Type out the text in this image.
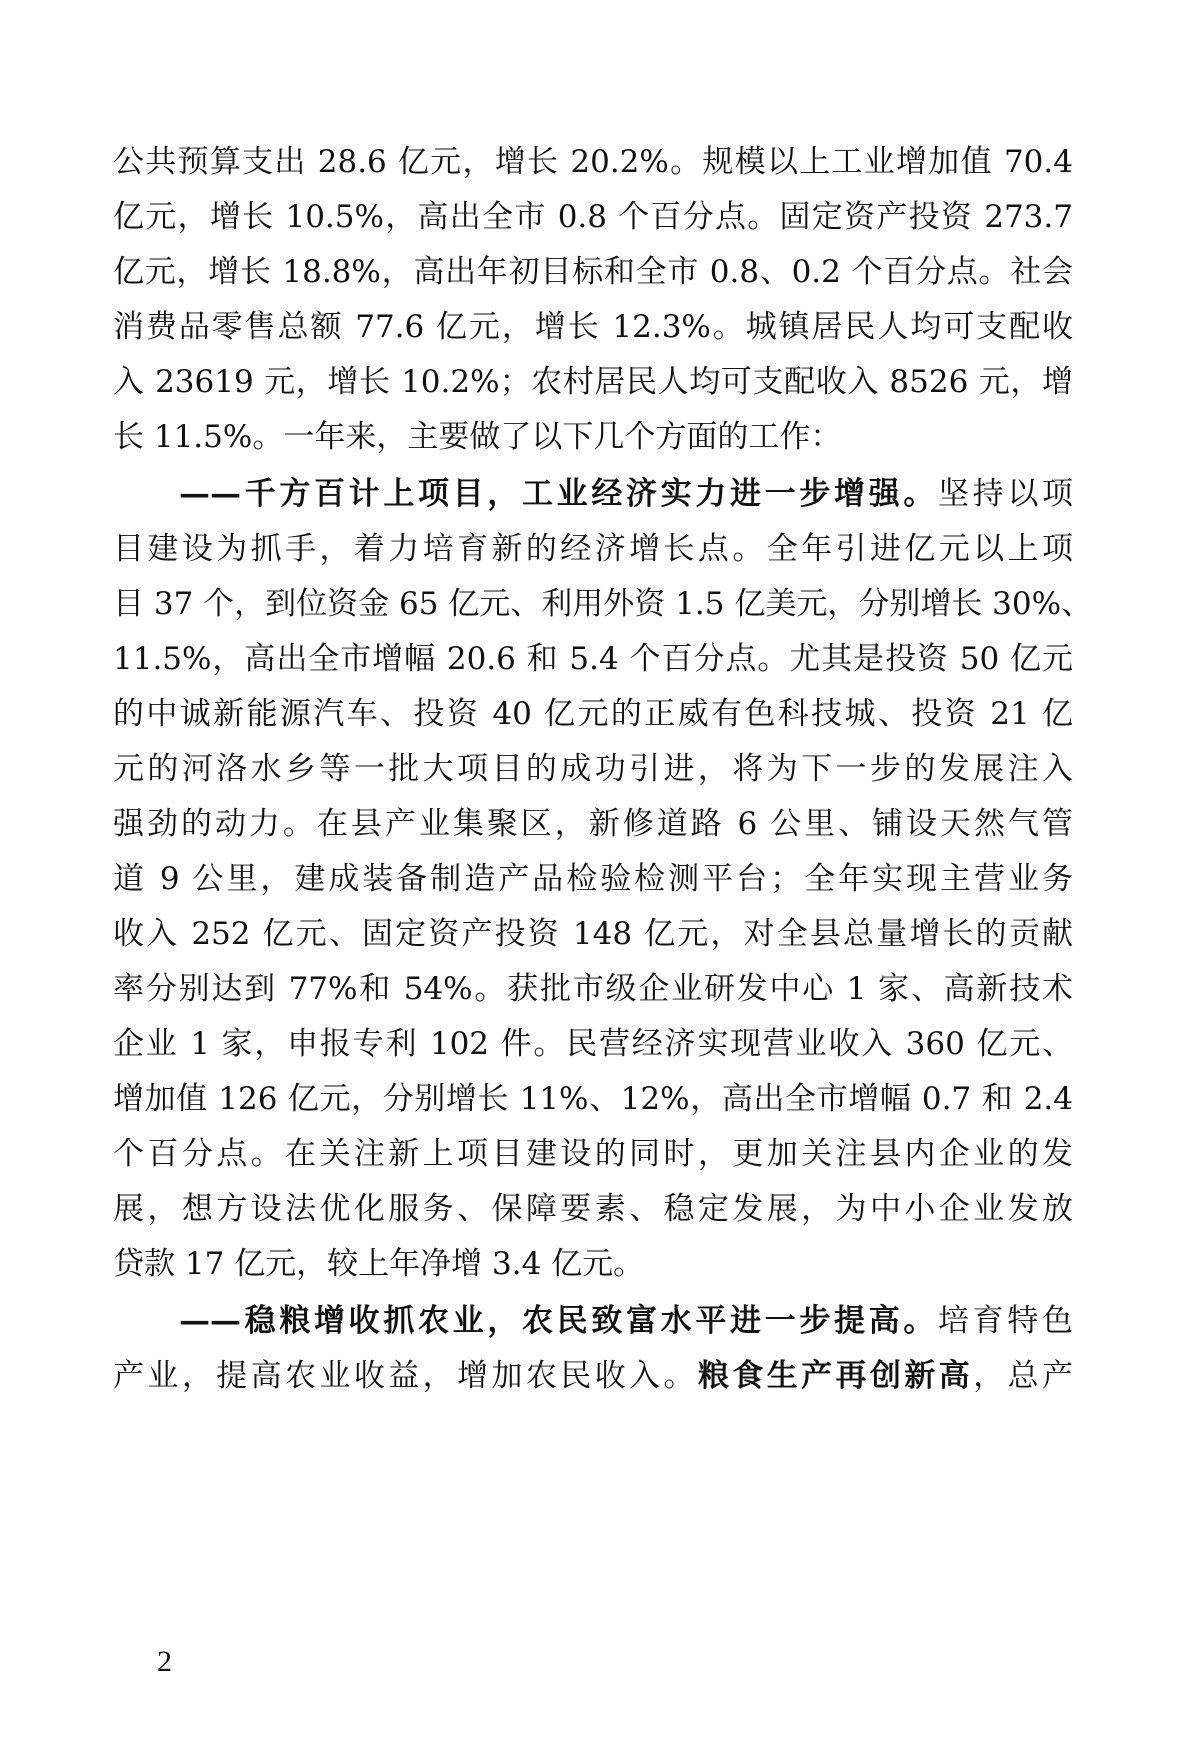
公共预算支出 28.6 亿元，增长 20.2%。规模以上工业增加值 70.4
亿元，增长 10.5%，高出全市 0.8 个百分点。固定资产投资 273.7
亿元，增长 18.8%，高出年初目标和全市 0.8、0.2 个百分点。社会
消费品零售总额 77.6 亿元，增长 12.3%。城镇居民人均可支配收
入 23619 元，增长 10.2%；农村居民人均可支配收入 8526 元，增
长 11.5%。一年来，主要做了以下几个方面的工作：
——千方百计上项目，工业经济实力进一步增强。坚持以项
目建设为抓手，着力培育新的经济增长点。全年引进亿元以上项
目 37 个，到位资金 65 亿元、利用外资 1.5 亿美元，分别增长 30%、
11.5%，高出全市增幅 20.6 和 5.4 个百分点。尤其是投资 50 亿元
的中诚新能源汽车、投资 40 亿元的正威有色科技城、投资 21 亿
元的河洛水乡等一批大项目的成功引进，将为下一步的发展注入
强劲的动力。在县产业集聚区，新修道路 6 公里、铺设天然气管
道 9 公里，建成装备制造产品检验检测平台；全年实现主营业务
收入 252 亿元、固定资产投资 148 亿元，对全县总量增长的贡献
率分别达到 77%和 54%。获批市级企业研发中心 1 家、高新技术
企业 1 家，申报专利 102 件。民营经济实现营业收入 360 亿元、
增加值 126 亿元，分别增长 11%、12%，高出全市增幅 0.7 和 2.4
个百分点。在关注新上项目建设的同时，更加关注县内企业的发
展，想方设法优化服务、保障要素、稳定发展，为中小企业发放
贷款 17 亿元，较上年净增 3.4 亿元。
——稳粮增收抓农业，农民致富水平进一步提高。培育特色
产业，提高农业收益，增加农民收入。粮食生产再创新高，总产
2
